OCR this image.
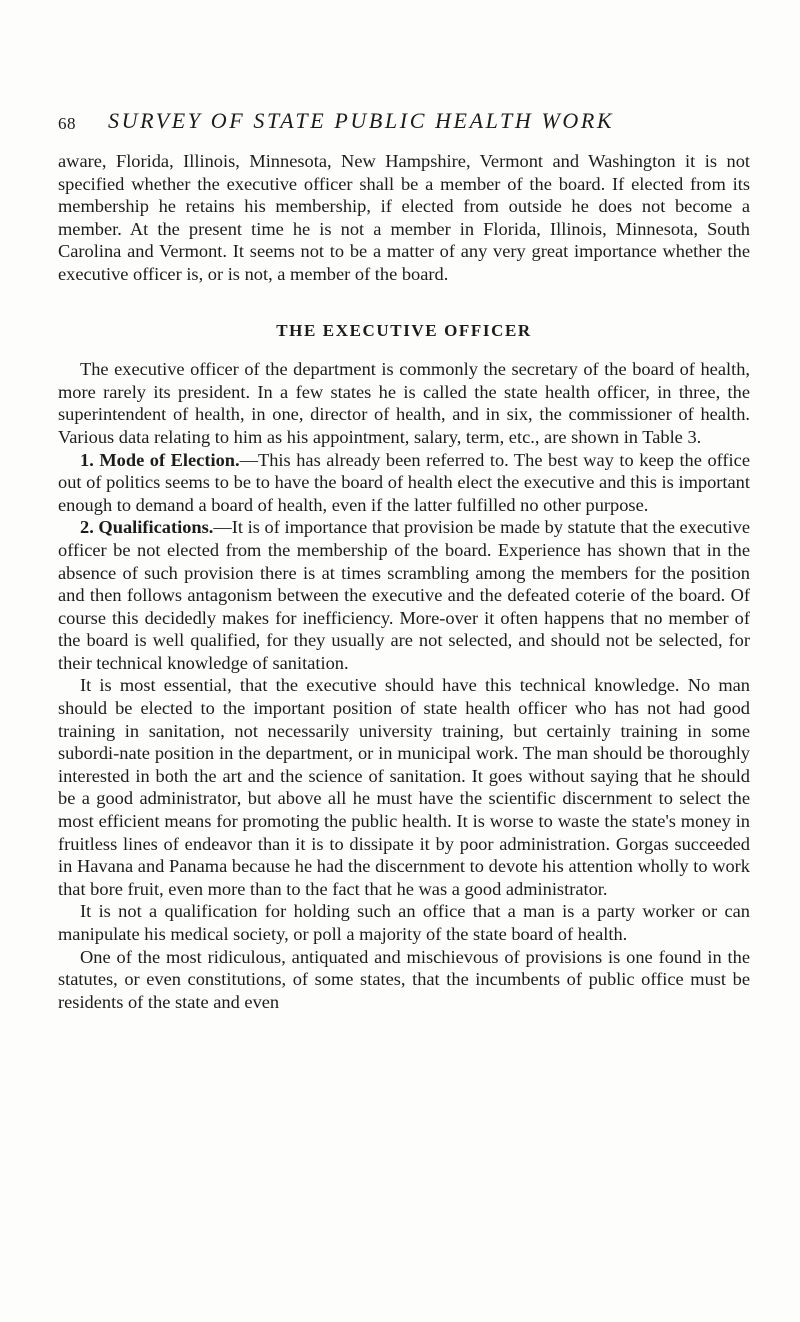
68 SURVEY OF STATE PUBLIC HEALTH WORK

aware, Florida, Illinois, Minnesota, New Hampshire, Vermont and Washington it is not specified whether the executive officer shall be a member of the board. If elected from its membership he retains his membership, if elected from outside he does not become a member. At the present time he is not a member in Florida, Illinois, Minnesota, South Carolina and Vermont. It seems not to be a matter of any very great importance whether the executive officer is, or is not, a member of the board.

THE EXECUTIVE OFFICER

The executive officer of the department is commonly the secretary of the board of health, more rarely its president. In a few states he is called the state health officer, in three, the superintendent of health, in one, director of health, and in six, the commissioner of health. Various data relating to him as his appointment, salary, term, etc., are shown in Table 3.

1. Mode of Election.—This has already been referred to. The best way to keep the office out of politics seems to be to have the board of health elect the executive and this is important enough to demand a board of health, even if the latter fulfilled no other purpose.

2. Qualifications.—It is of importance that provision be made by statute that the executive officer be not elected from the membership of the board. Experience has shown that in the absence of such provision there is at times scrambling among the members for the position and then follows antagonism between the executive and the defeated coterie of the board. Of course this decidedly makes for inefficiency. More-over it often happens that no member of the board is well qualified, for they usually are not selected, and should not be selected, for their technical knowledge of sanitation.

It is most essential, that the executive should have this technical knowledge. No man should be elected to the important position of state health officer who has not had good training in sanitation, not necessarily university training, but certainly training in some subordi-nate position in the department, or in municipal work. The man should be thoroughly interested in both the art and the science of sanitation. It goes without saying that he should be a good administrator, but above all he must have the scientific discernment to select the most efficient means for promoting the public health. It is worse to waste the state's money in fruitless lines of endeavor than it is to dissipate it by poor administration. Gorgas succeeded in Havana and Panama because he had the discernment to devote his attention wholly to work that bore fruit, even more than to the fact that he was a good administrator.

It is not a qualification for holding such an office that a man is a party worker or can manipulate his medical society, or poll a majority of the state board of health.

One of the most ridiculous, antiquated and mischievous of provisions is one found in the statutes, or even constitutions, of some states, that the incumbents of public office must be residents of the state and even
